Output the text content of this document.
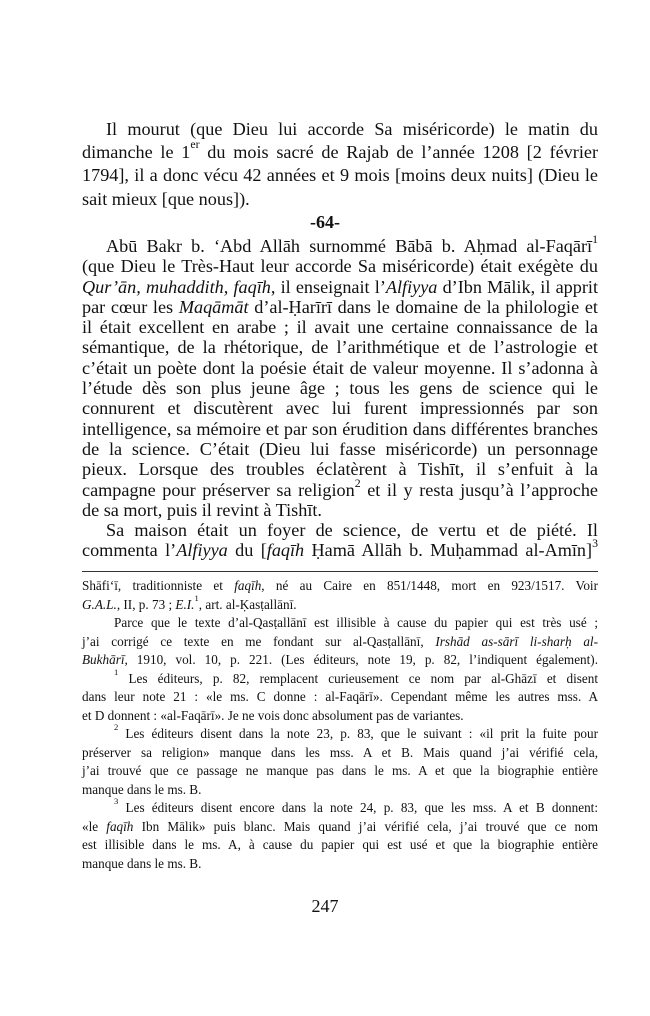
Il mourut (que Dieu lui accorde Sa miséricorde) le matin du
dimanche le 1er du mois sacré de Rajab de l’année 1208 [2 février
1794], il a donc vécu 42 années et 9 mois [moins deux nuits] (Dieu le
sait mieux [que nous]).
-64-
Abū Bakr b. ‘Abd Allāh surnommé Bābā b. Aḥmad al-Faqārī$^1$
(que Dieu le Très-Haut leur accorde Sa miséricorde) était exégète du
Qur’ān, muhaddith, faqīh, il enseignait l’Alfiyya d’Ibn Mālik, il apprit
par cœur les Maqāmāt d’al-Ḥarīrī dans le domaine de la philologie et
il était excellent en arabe ; il avait une certaine connaissance de la
sémantique, de la rhétorique, de l’arithmétique et de l’astrologie et
c’était un poète dont la poésie était de valeur moyenne. Il s’adonna à
l’étude dès son plus jeune âge ; tous les gens de science qui le
connurent et discutèrent avec lui furent impressionnés par son
intelligence, sa mémoire et par son érudition dans différentes branches
de la science. C’était (Dieu lui fasse miséricorde) un personnage
pieux. Lorsque des troubles éclatèrent à Tishīt, il s’enfuit à la
campagne pour préserver sa religion$^2$ et il y resta jusqu’à l’approche
de sa mort, puis il revint à Tishīt.
Sa maison était un foyer de science, de vertu et de piété. Il
commenta l’Alfiyya du [faqīh Ḥamā Allāh b. Muḥammad al-Amīn]$^3$
Shāfi‘ī, traditionniste et faqīh, né au Caire en 851/1448, mort en 923/1517. Voir
G.A.L., II, p. 73 ; E.I.$^1$, art. al-Ḳasṭallānī.
Parce que le texte d’al-Qasṭallānī est illisible à cause du papier qui est très usé ;
j’ai corrigé ce texte en me fondant sur al-Qasṭallānī, Irshād as-sārī li-sharḥ al-
Bukhārī, 1910, vol. 10, p. 221. (Les éditeurs, note 19, p. 82, l’indiquent également).
$^1$ Les éditeurs, p. 82, remplacent curieusement ce nom par al-Ghāzī et disent
dans leur note 21 : «le ms. C donne : al-Faqārī». Cependant même les autres mss. A
et D donnent : «al-Faqārī». Je ne vois donc absolument pas de variantes.
$^2$ Les éditeurs disent dans la note 23, p. 83, que le suivant : «il prit la fuite pour
préserver sa religion» manque dans les mss. A et B. Mais quand j’ai vérifié cela,
j’ai trouvé que ce passage ne manque pas dans le ms. A et que la biographie entière
manque dans le ms. B.
$^3$ Les éditeurs disent encore dans la note 24, p. 83, que les mss. A et B donnent:
«le faqīh Ibn Mālik» puis blanc. Mais quand j’ai vérifié cela, j’ai trouvé que ce nom
est illisible dans le ms. A, à cause du papier qui est usé et que la biographie entière
manque dans le ms. B.
247
